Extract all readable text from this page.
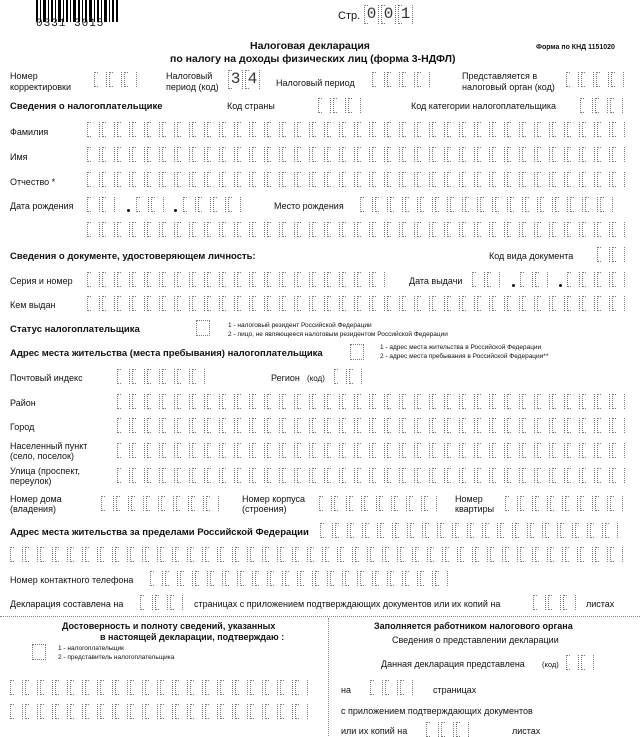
0331 3015
Стр. 0 0 1
Налоговая декларация
по налогу на доходы физических лиц (форма 3-НДФЛ)
Форма по КНД 1151020
Номер
корректировки
Налоговый
период (код) 3 4	Налоговый период
Представляется в
налоговый орган (код)
Сведения о налогоплательщике	Код страны	Код категории налогоплательщика
Фамилия
Имя
Отчество *
Дата рождения	Место рождения
Сведения о документе, удостоверяющем личность:	Код вида документа
Серия и номер	Дата выдачи
Кем выдан
Статус налогоплательщика	1 - налоговый резидент Российской Федерации
2 - лицо, не являющееся налоговым резидентом Российской Федерации
Адрес места жительства (места пребывания) налогоплательщика
1 - адрес места жительства в Российской Федерации
2 - адрес места пребывания в Российской Федерации**
Почтовый индекс	Регион (код)
Район
Город
Населенный пункт
(село, поселок)
Улица (проспект,
переулок)
Номер дома
(владения)
Номер корпуса
(строения)
Номер
квартиры
Адрес места жительства за пределами Российской Федерации
Номер контактного телефона
Декларация составлена на	страницах с приложением подтверждающих документов или их копий на	листах
Достоверность и полноту сведений, указанных
в настоящей декларации, подтверждаю :
1 - налогоплательщик
2 - представитель налогоплательщика
Заполняется работником налогового органа
Сведения о представлении декларации
Данная декларация представлена (код)
на	страницах
с приложением подтверждающих документов
или их копий на	листах
